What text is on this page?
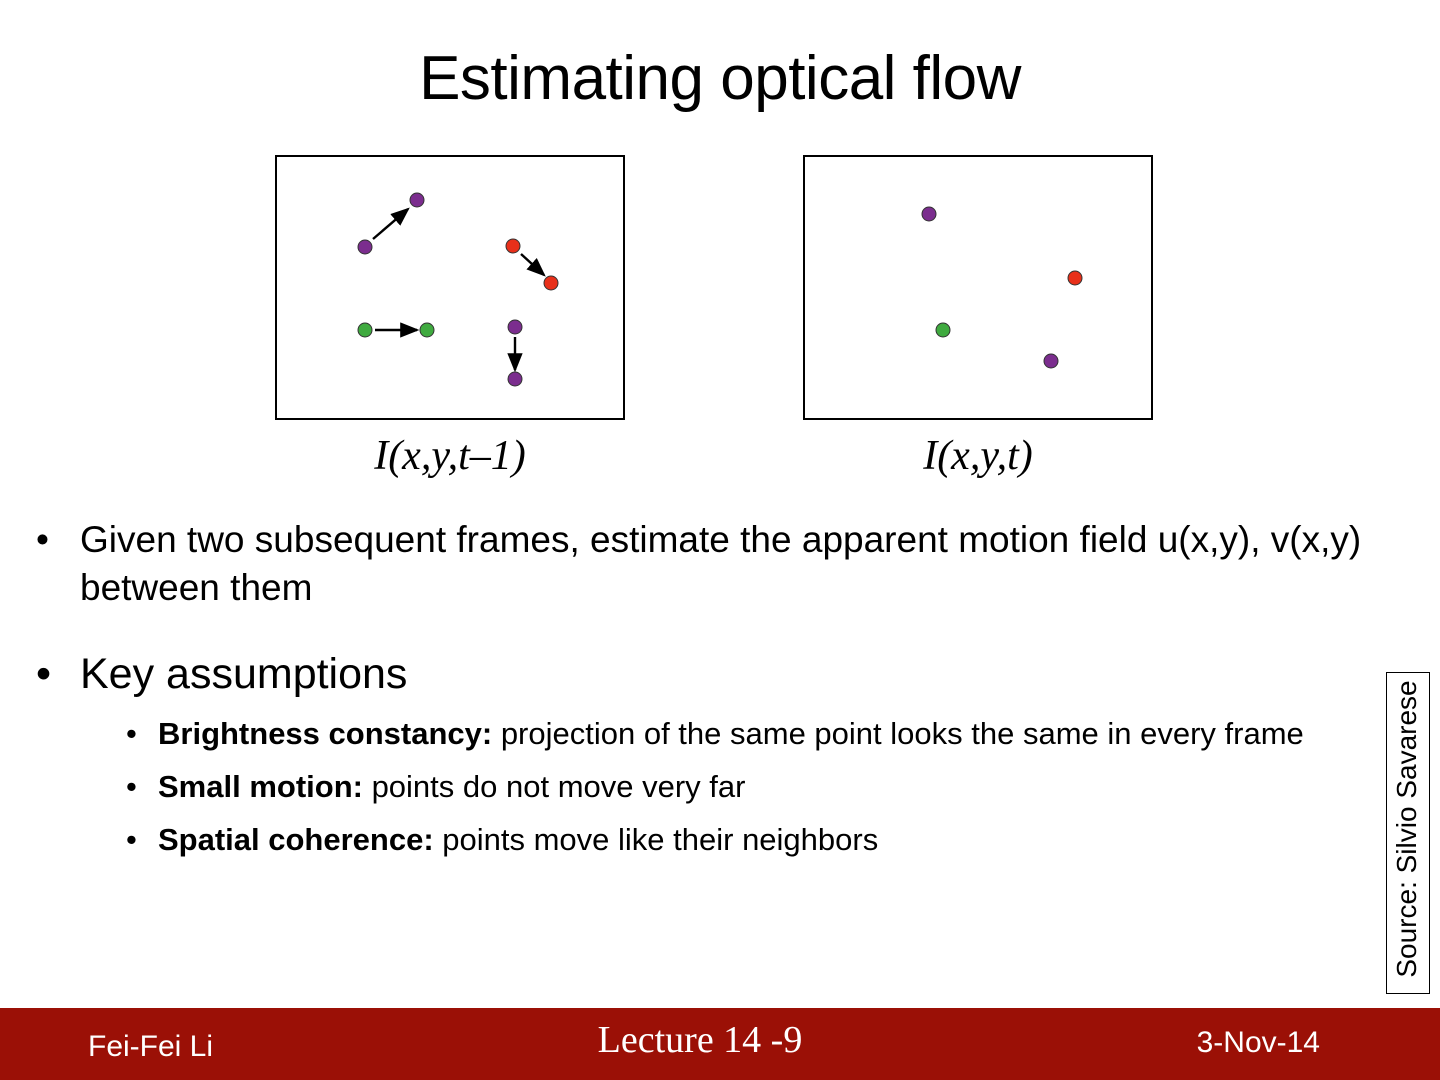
Estimating optical flow
I(x,y,t–1)	I(x,y,t)
• Given two subsequent frames, estimate the apparent motion field u(x,y), v(x,y) between them
• Key assumptions
• Brightness constancy: projection of the same point looks the same in every frame
• Small motion: points do not move very far
• Spatial coherence: points move like their neighbors	Source: Silvio Savarese
Fei-Fei Li	Lecture 14 -9	3-Nov-14
